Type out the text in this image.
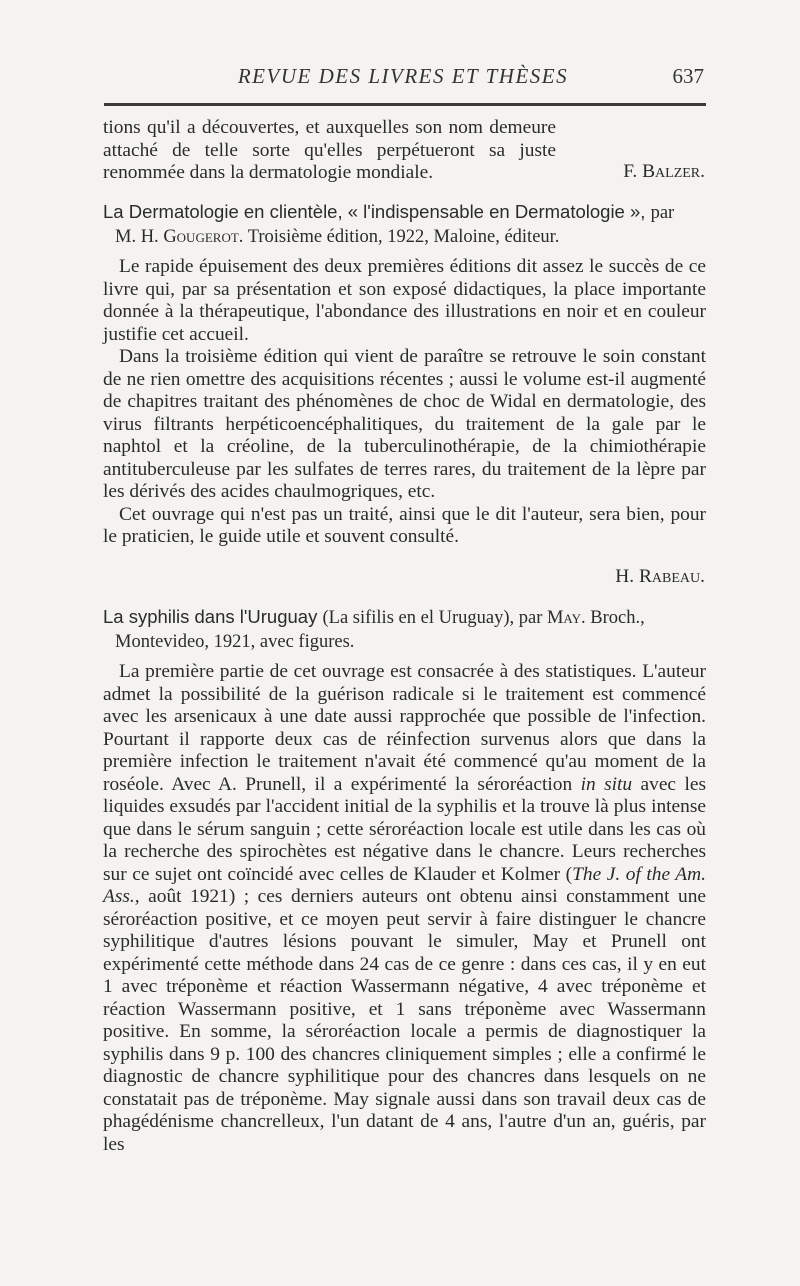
REVUE DES LIVRES ET THÈSES	637

tions qu'il a découvertes, et auxquelles son nom demeure attaché de telle sorte qu'elles perpétueront sa juste renommée dans la dermatologie mondiale.	F. Balzer.
La Dermatologie en clientèle, « l'indispensable en Dermatologie », par
M. H. Gougerot. Troisième édition, 1922, Maloine, éditeur.

Le rapide épuisement des deux premières éditions dit assez le succès de ce livre qui, par sa présentation et son exposé didactiques, la place importante donnée à la thérapeutique, l'abondance des illustrations en noir et en couleur justifie cet accueil.

Dans la troisième édition qui vient de paraître se retrouve le soin constant de ne rien omettre des acquisitions récentes ; aussi le volume est-il augmenté de chapitres traitant des phénomènes de choc de Widal en dermatologie, des virus filtrants herpéticoencéphalitiques, du traitement de la gale par le naphtol et la créoline, de la tuberculinothérapie, de la chimiothérapie antituberculeuse par les sulfates de terres rares, du traitement de la lèpre par les dérivés des acides chaulmogriques, etc.

Cet ouvrage qui n'est pas un traité, ainsi que le dit l'auteur, sera bien, pour le praticien, le guide utile et souvent consulté.

H. Rabeau.
La syphilis dans l'Uruguay (La sifilis en el Uruguay), par May. Broch.,
Montevideo, 1921, avec figures.

La première partie de cet ouvrage est consacrée à des statistiques. L'auteur admet la possibilité de la guérison radicale si le traitement est commencé avec les arsenicaux à une date aussi rapprochée que possible de l'infection. Pourtant il rapporte deux cas de réinfection survenus alors que dans la première infection le traitement n'avait été commencé qu'au moment de la roséole. Avec A. Prunell, il a expérimenté la séroréaction in situ avec les liquides exsudés par l'accident initial de la syphilis et la trouve là plus intense que dans le sérum sanguin ; cette séroréaction locale est utile dans les cas où la recherche des spirochètes est négative dans le chancre. Leurs recherches sur ce sujet ont coïncidé avec celles de Klauder et Kolmer (The J. of the Am. Ass., août 1921) ; ces derniers auteurs ont obtenu ainsi constamment une séroréaction positive, et ce moyen peut servir à faire distinguer le chancre syphilitique d'autres lésions pouvant le simuler, May et Prunell ont expérimenté cette méthode dans 24 cas de ce genre : dans ces cas, il y en eut 1 avec tréponème et réaction Wassermann négative, 4 avec tréponème et réaction Wassermann positive, et 1 sans tréponème avec Wassermann positive. En somme, la séroréaction locale a permis de diagnostiquer la syphilis dans 9 p. 100 des chancres cliniquement simples ; elle a confirmé le diagnostic de chancre syphilitique pour des chancres dans lesquels on ne constatait pas de tréponème. May signale aussi dans son travail deux cas de phagédénisme chancrelleux, l'un datant de 4 ans, l'autre d'un an, guéris, par les
